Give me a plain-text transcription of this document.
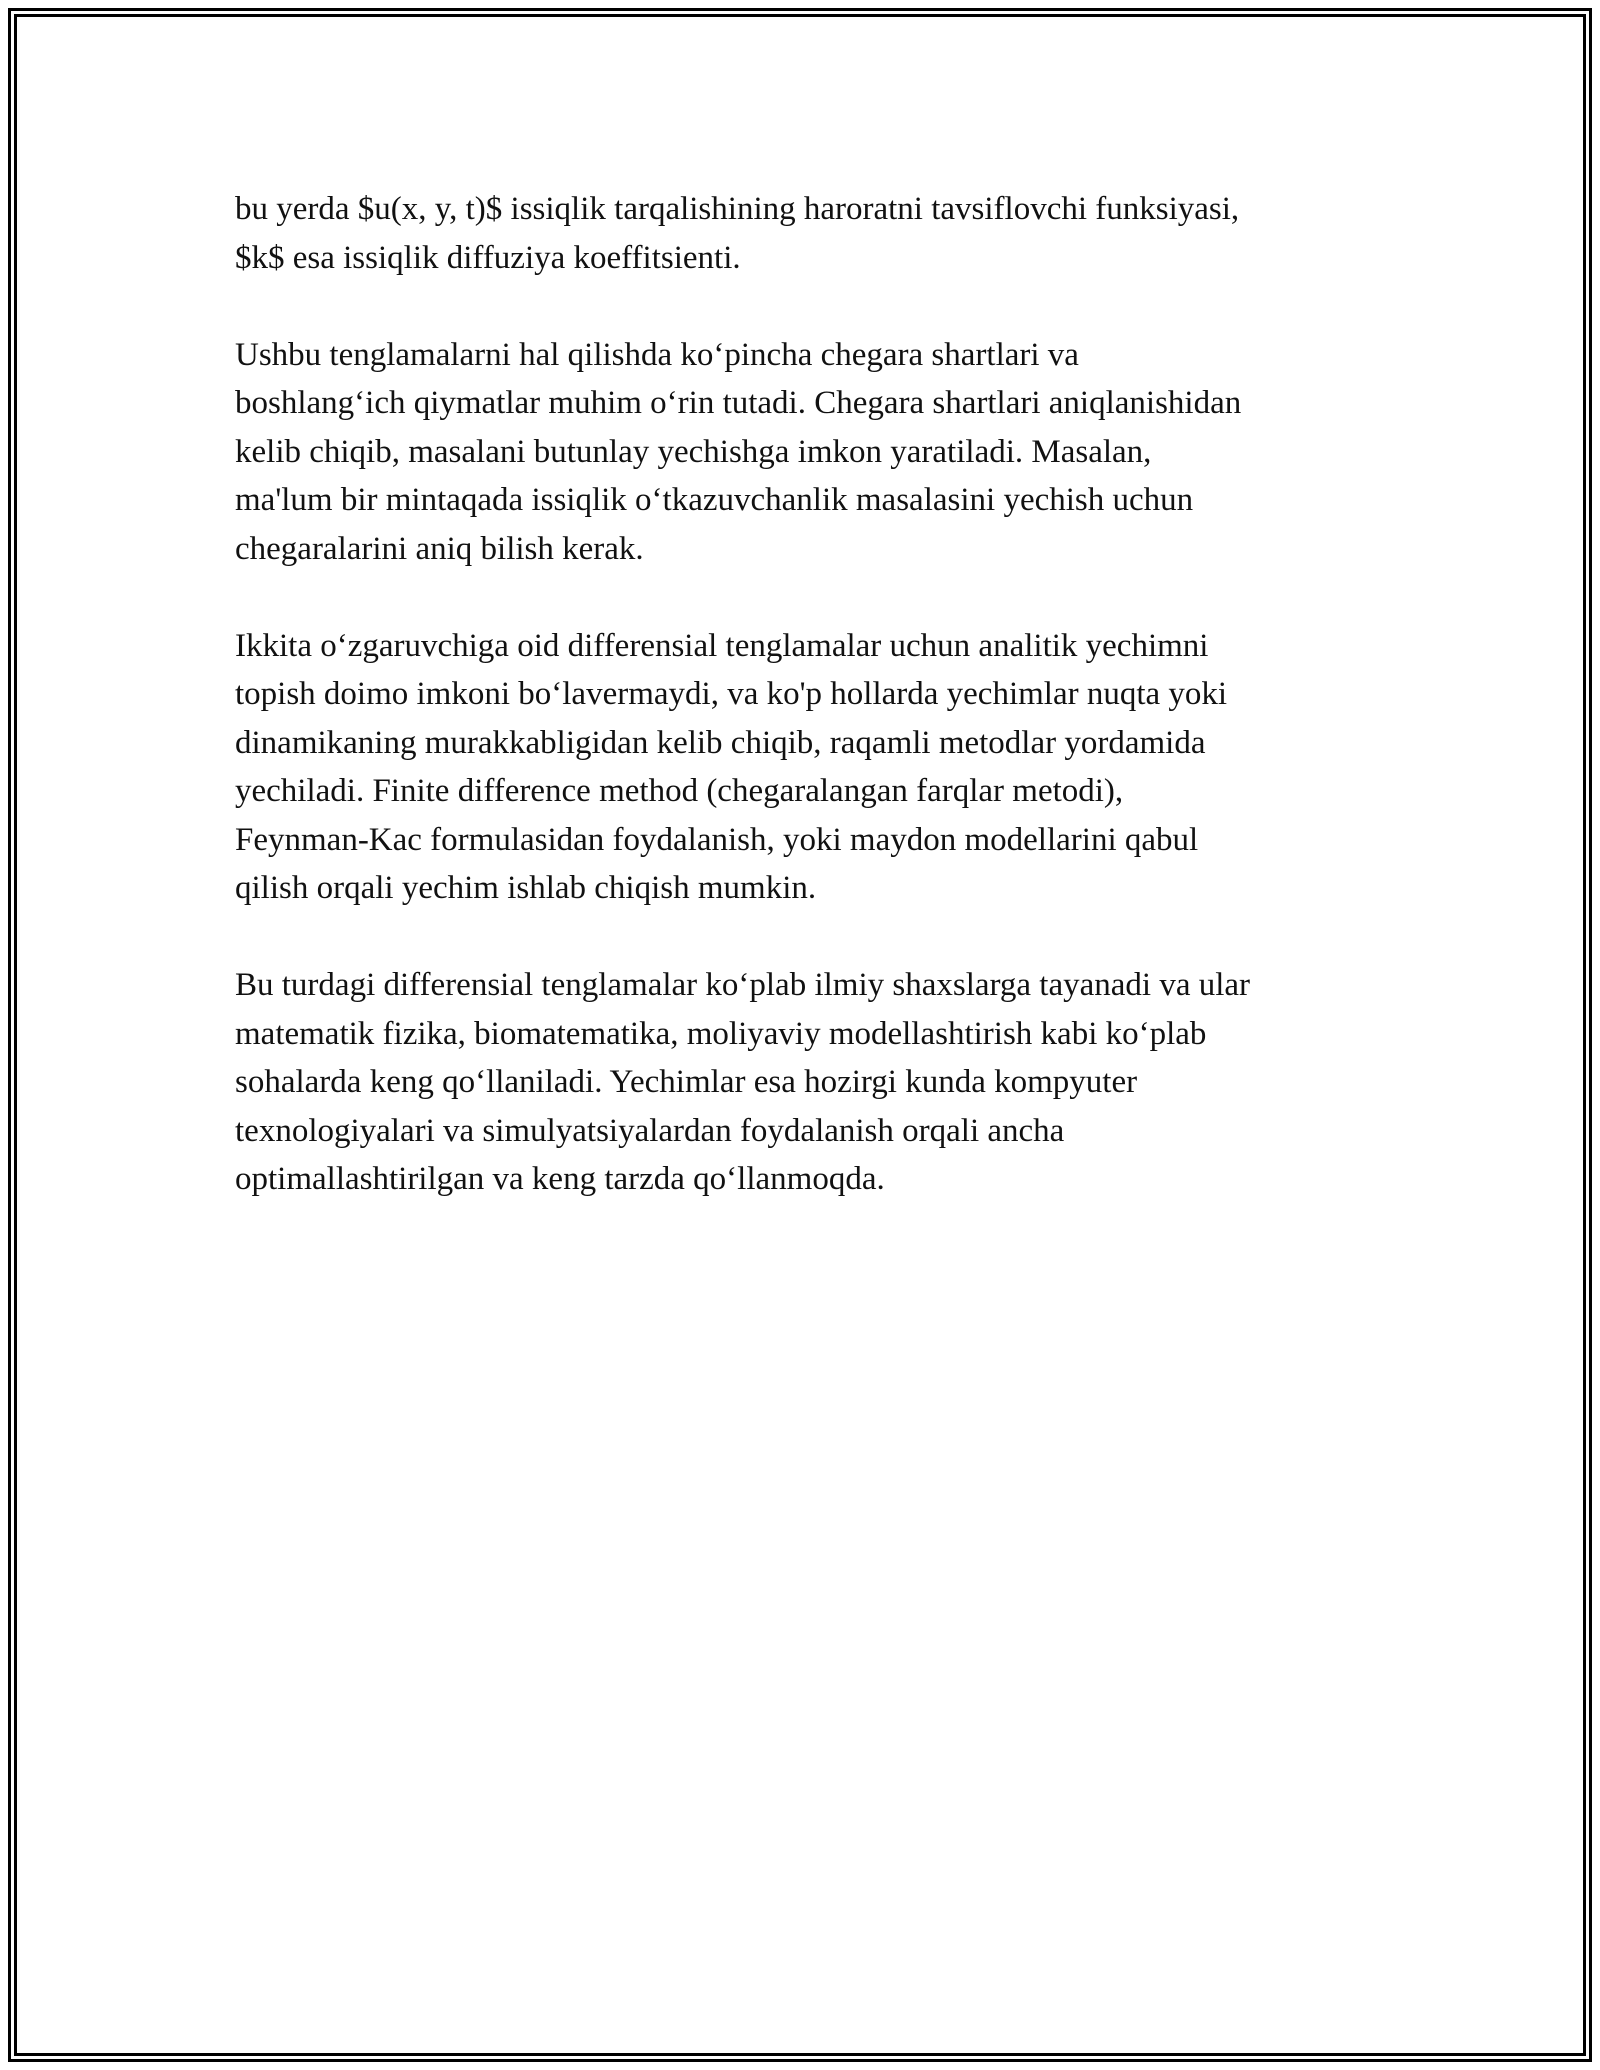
bu yerda $u(x, y, t)$ issiqlik tarqalishining haroratni tavsiflovchi funksiyasi,
$k$ esa issiqlik diffuziya koeffitsienti.

Ushbu tenglamalarni hal qilishda koʻpincha chegara shartlari va
boshlangʻich qiymatlar muhim oʻrin tutadi. Chegara shartlari aniqlanishidan
kelib chiqib, masalani butunlay yechishga imkon yaratiladi. Masalan,
ma'lum bir mintaqada issiqlik oʻtkazuvchanlik masalasini yechish uchun
chegaralarini aniq bilish kerak.

Ikkita oʻzgaruvchiga oid differensial tenglamalar uchun analitik yechimni
topish doimo imkoni boʻlavermaydi, va ko'p hollarda yechimlar nuqta yoki
dinamikaning murakkabligidan kelib chiqib, raqamli metodlar yordamida
yechiladi. Finite difference method (chegaralangan farqlar metodi),
Feynman-Kac formulasidan foydalanish, yoki maydon modellarini qabul
qilish orqali yechim ishlab chiqish mumkin.

Bu turdagi differensial tenglamalar koʻplab ilmiy shaxslarga tayanadi va ular
matematik fizika, biomatematika, moliyaviy modellashtirish kabi koʻplab
sohalarda keng qoʻllaniladi. Yechimlar esa hozirgi kunda kompyuter
texnologiyalari va simulyatsiyalardan foydalanish orqali ancha
optimallashtirilgan va keng tarzda qoʻllanmoqda.
